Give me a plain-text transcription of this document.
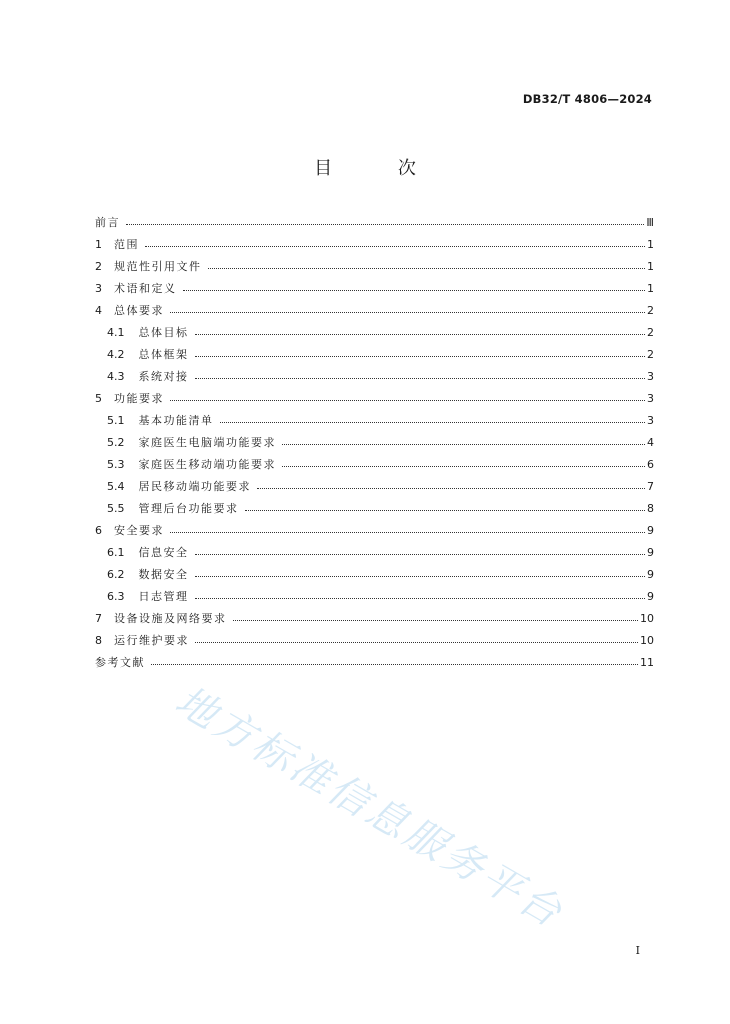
DB32/T 4806—2024
目 次
前言	Ⅲ
1 范围	1
2 规范性引用文件	1
3 术语和定义	1
4 总体要求	2
4.1 总体目标	2
4.2 总体框架	2
4.3 系统对接	3
5 功能要求	3
5.1 基本功能清单	3
5.2 家庭医生电脑端功能要求	4
5.3 家庭医生移动端功能要求	6
5.4 居民移动端功能要求	7
5.5 管理后台功能要求	8
6 安全要求	9
6.1 信息安全	9
6.2 数据安全	9
6.3 日志管理	9
7 设备设施及网络要求	10
8 运行维护要求	10
参考文献	11
地方标准信息服务平台
I
